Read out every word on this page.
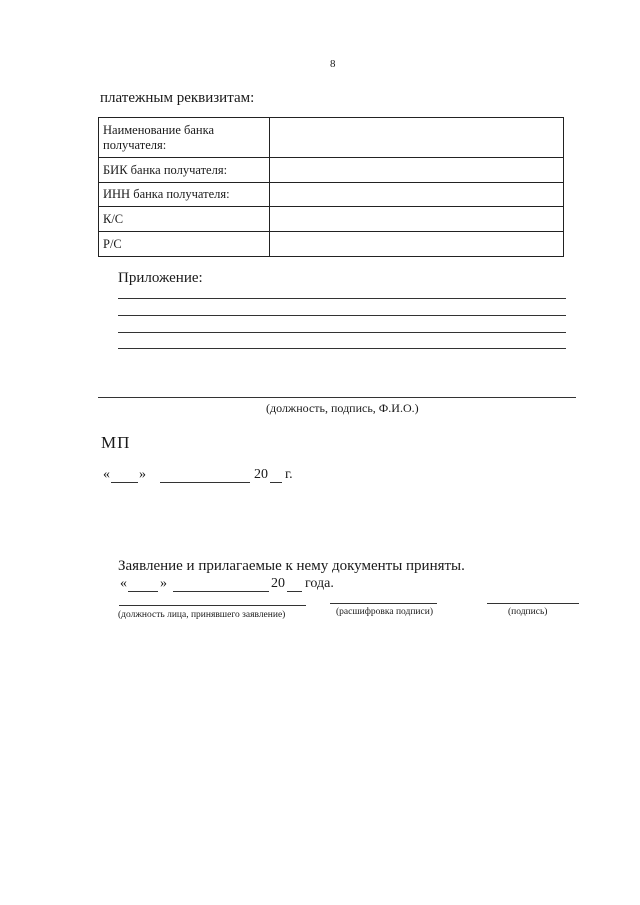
8
платежным реквизитам:
Наименование банка получателя:	
БИК банка получателя:	
ИНН банка получателя:	
К/С	
Р/С	
Приложение:
(должность, подпись, Ф.И.О.)
МП
« »	20 г.
Заявление и прилагаемые к нему документы приняты.
« »	20 года.
(должность лица, принявшего заявление)	(расшифровка подписи)	(подпись)
